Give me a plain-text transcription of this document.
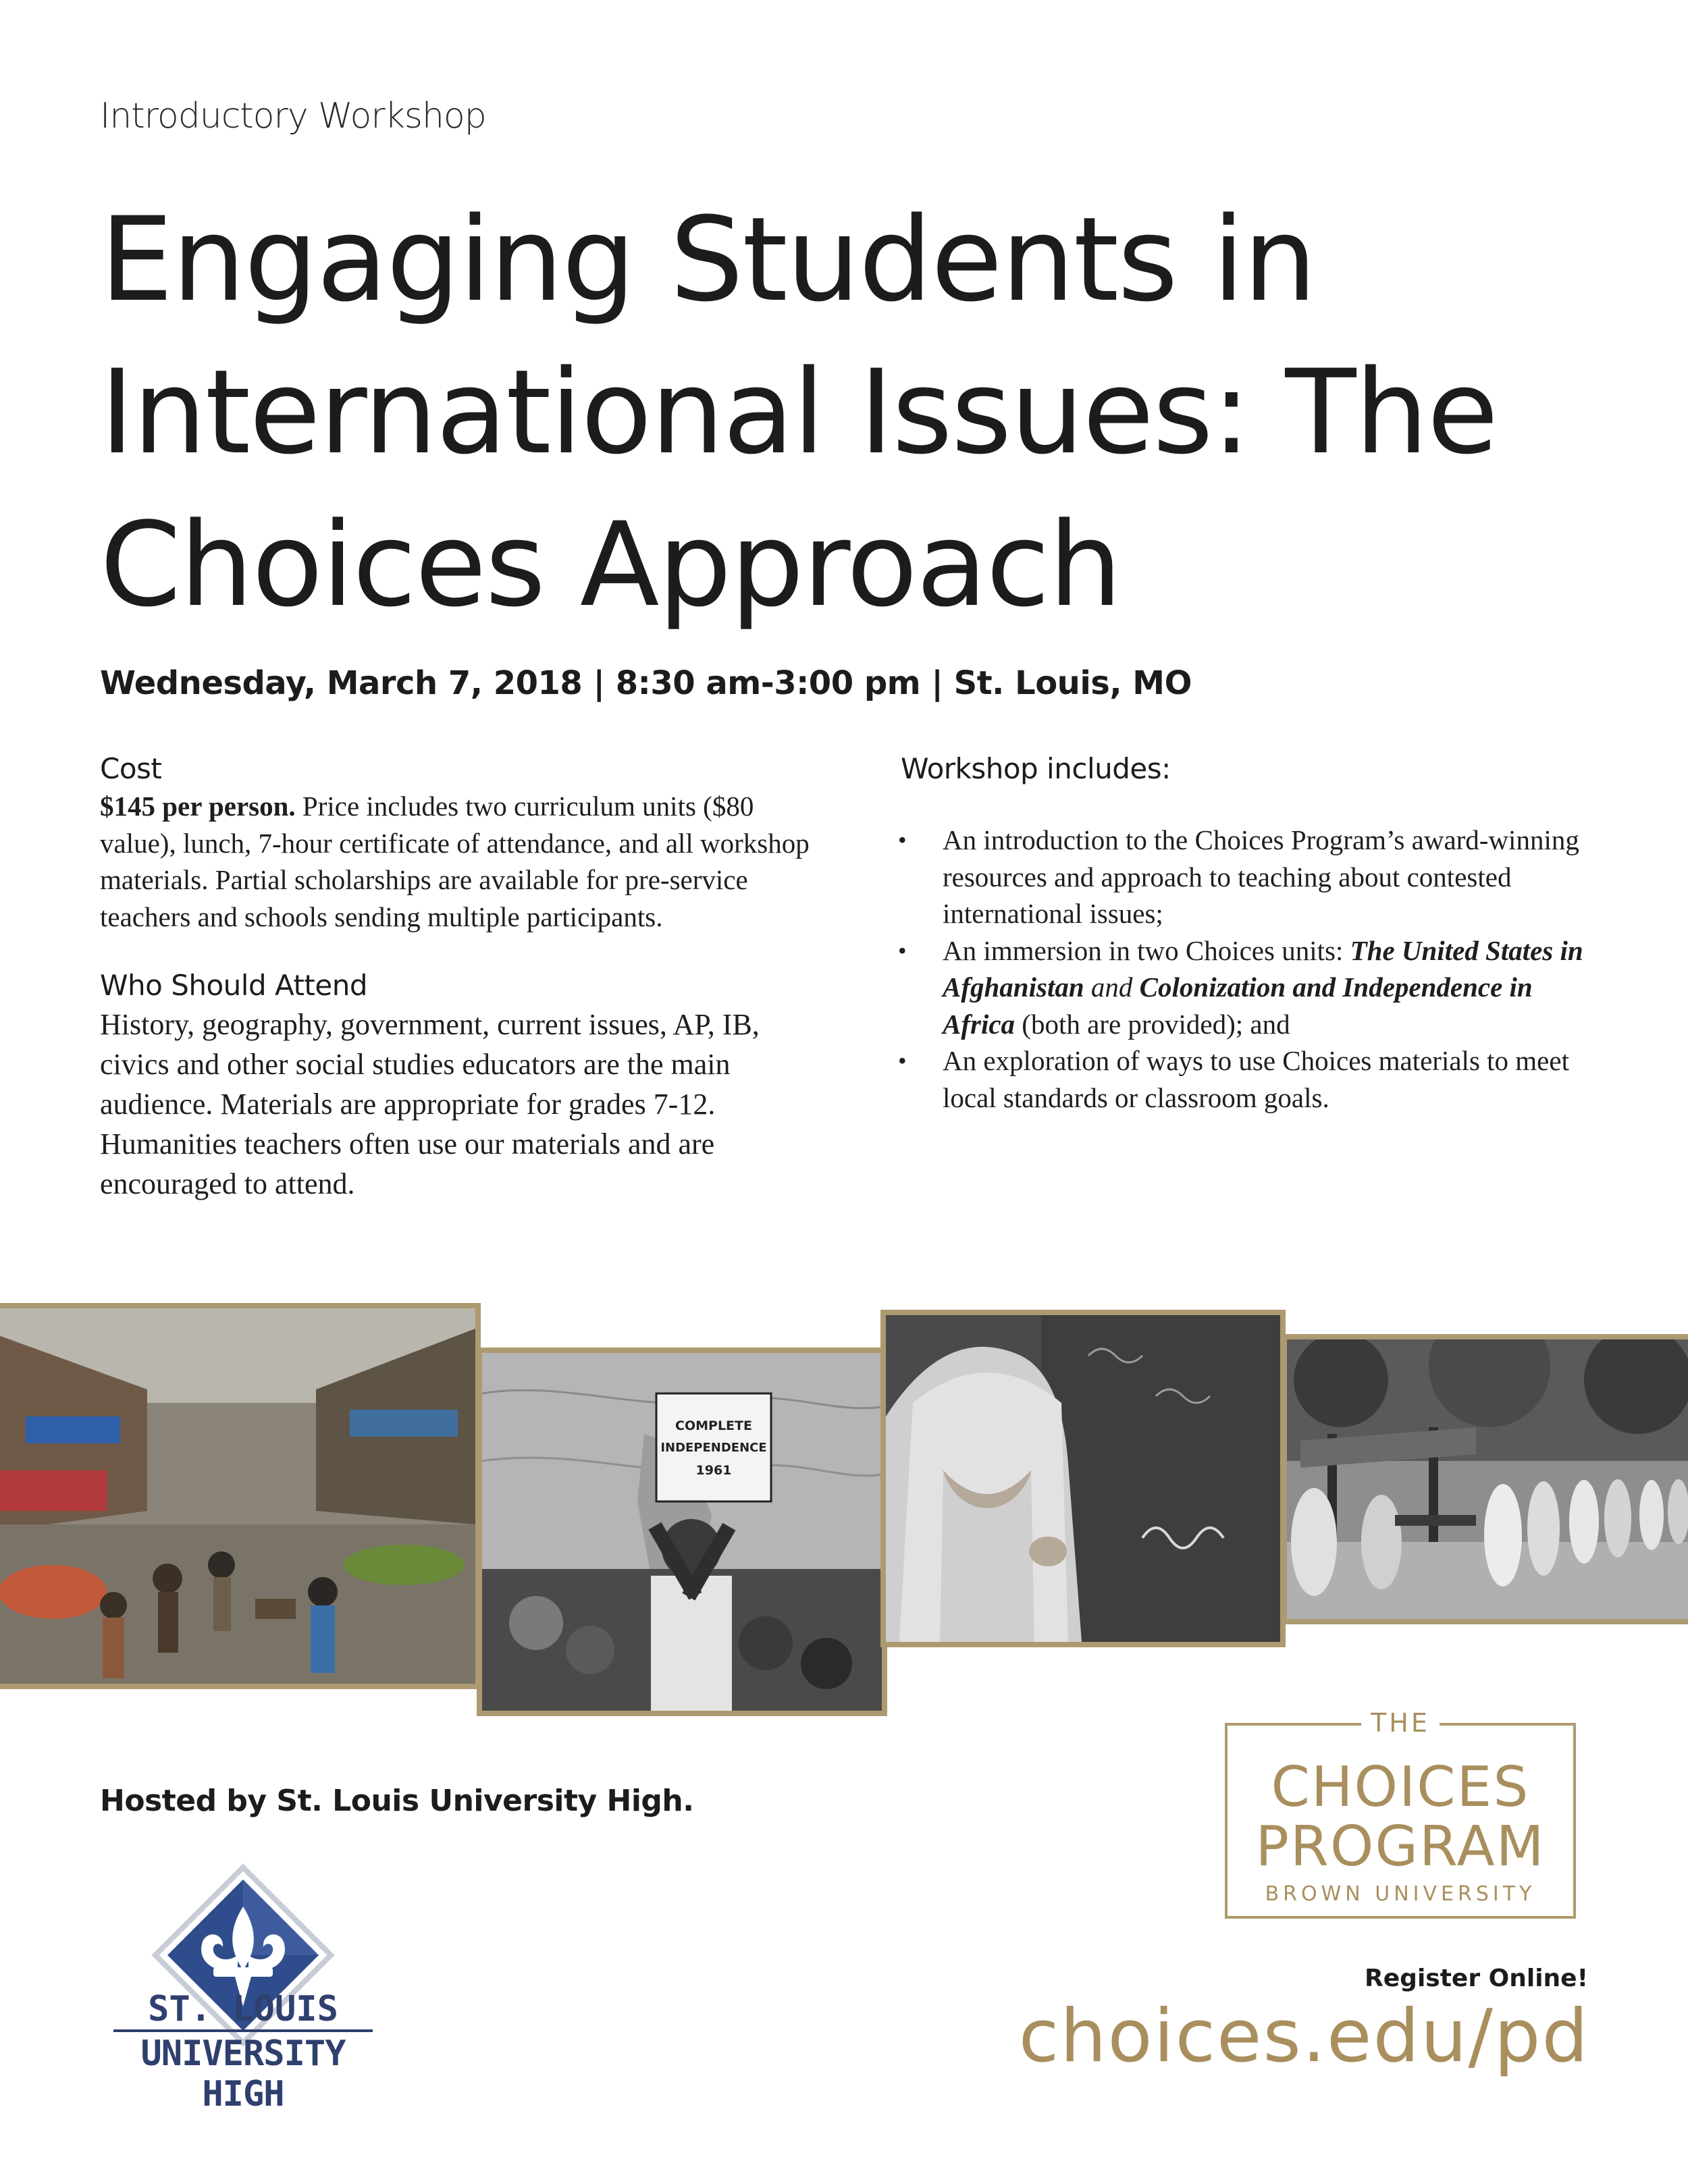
Introductory Workshop
Engaging Students in International Issues: The Choices Approach
Wednesday, March 7, 2018 | 8:30 am-3:00 pm | St. Louis, MO
Cost

$145 per person. Price includes two curriculum units ($80 value), lunch, 7-hour certificate of attendance, and all workshop materials. Partial scholarships are available for pre-service teachers and schools sending multiple participants.

Who Should Attend

History, geography, government, current issues, AP, IB, civics and other social studies educators are the main audience. Materials are appropriate for grades 7-12. Humanities teachers often use our materials and are encouraged to attend.

Workshop includes:
• An introduction to the Choices Program’s award-winning resources and approach to teaching about contested international issues;
• An immersion in two Choices units: The United States in Afghanistan and Colonization and Independence in Africa (both are provided); and
• An exploration of ways to use Choices materials to meet local standards or classroom goals.
COMPLETE
INDEPENDENCE
1961
Hosted by St. Louis University High.
ST. LOUIS
UNIVERSITY HIGH
THE
CHOICES
PROGRAM
BROWN UNIVERSITY
Register Online!
choices.edu/pd
